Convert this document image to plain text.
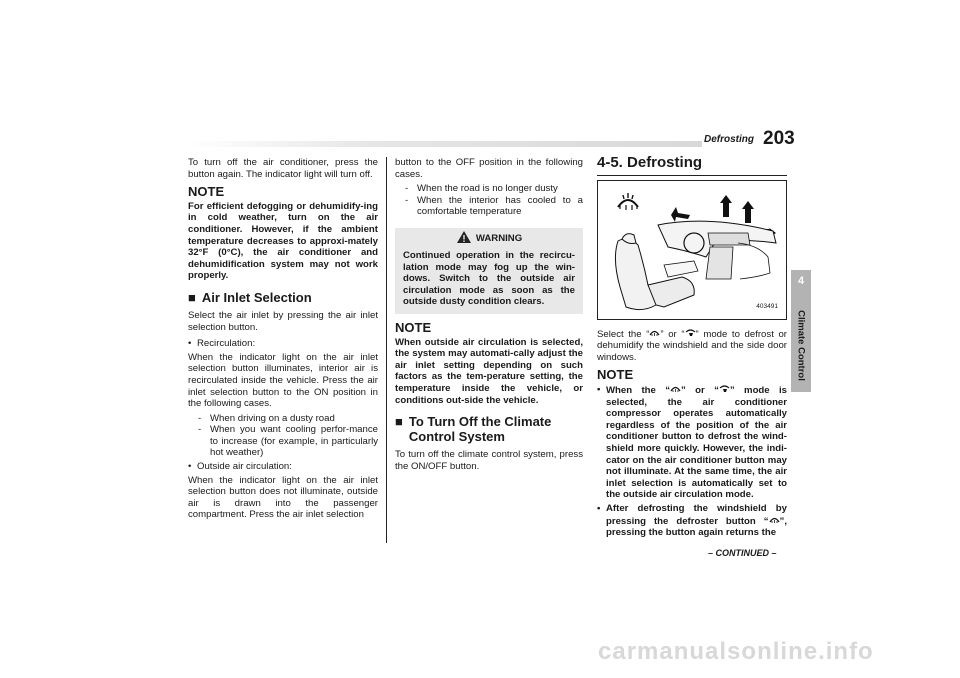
Defrosting 203

To turn off the air conditioner, press the button again. The indicator light will turn off.

NOTE

For efficient defogging or dehumidify-ing in cold weather, turn on the air conditioner. However, if the ambient temperature decreases to approxi-mately 32°F (0°C), the air conditioner and dehumidification system may not work properly.

■ Air Inlet Selection

Select the air inlet by pressing the air inlet selection button.

• Recirculation:

When the indicator light on the air inlet selection button illuminates, interior air is recirculated inside the vehicle. Press the air inlet selection button to the ON position in the following cases.

- When driving on a dusty road
- When you want cooling perfor-mance to increase (for example, in particularly hot weather)
• Outside air circulation:

When the indicator light on the air inlet selection button does not illuminate, outside air is drawn into the passenger compartment. Press the air inlet selection

button to the OFF position in the following cases.

- When the road is no longer dusty
- When the interior has cooled to a comfortable temperature
WARNING

Continued operation in the recircu-lation mode may fog up the win-dows. Switch to the outside air circulation mode as soon as the outside dusty condition clears.

NOTE

When outside air circulation is selected, the system may automati-cally adjust the air inlet setting depending on such factors as the tem-perature setting, the temperature inside the vehicle, or conditions out-side the vehicle.

■ To Turn Off the Climate Control System

To turn off the climate control system, press the ON/OFF button.

4-5. Defrosting
403491

Select the “ ” or “ ” mode to defrost or dehumidify the windshield and the side door windows.

NOTE
• When the “ ” or “ ” mode is selected, the air conditioner compressor operates automatically regardless of the position of the air conditioner button to defrost the wind-shield more quickly. However, the indi-cator on the air conditioner button may not illuminate. At the same time, the air inlet selection is automatically set to the outside air circulation mode.
• After defrosting the windshield by pressing the defroster button “ ”, pressing the button again returns the
– CONTINUED –
4
Climate Control
carmanualsonline.info
